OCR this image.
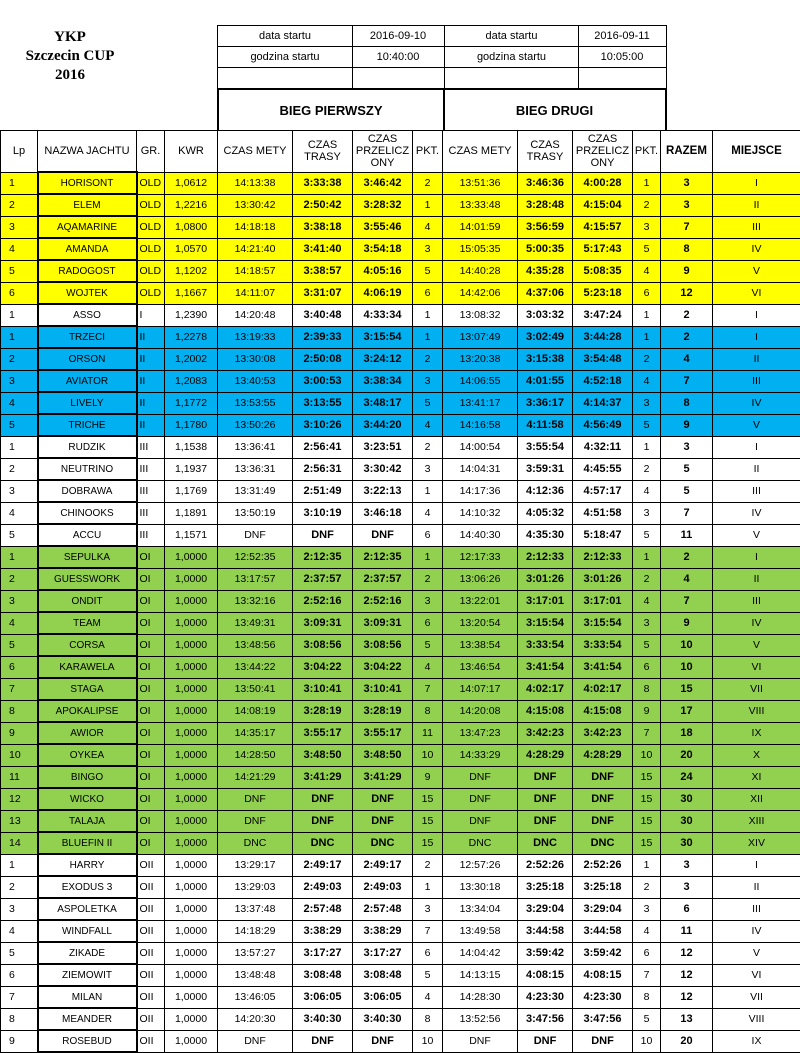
YKP
Szczecin CUP
2016
data startu	2016-09-10
godzina startu	10:40:00
BIEG PIERWSZY
data startu	2016-09-11
godzina startu	10:05:00
BIEG DRUGI
Lp	NAZWA JACHTU	GR.	KWR	CZAS METY	CZAS TRASY	CZAS PRZELICZ ONY	PKT.	CZAS METY	CZAS TRASY	CZAS PRZELICZ ONY	PKT.	RAZEM	MIEJSCE
1	HORISONT	OLD	1,0612	14:13:38	3:33:38	3:46:42	2	13:51:36	3:46:36	4:00:28	1	3	I
2	ELEM	OLD	1,2216	13:30:42	2:50:42	3:28:32	1	13:33:48	3:28:48	4:15:04	2	3	II
3	AQAMARINE	OLD	1,0800	14:18:18	3:38:18	3:55:46	4	14:01:59	3:56:59	4:15:57	3	7	III
4	AMANDA	OLD	1,0570	14:21:40	3:41:40	3:54:18	3	15:05:35	5:00:35	5:17:43	5	8	IV
5	RADOGOST	OLD	1,1202	14:18:57	3:38:57	4:05:16	5	14:40:28	4:35:28	5:08:35	4	9	V
6	WOJTEK	OLD	1,1667	14:11:07	3:31:07	4:06:19	6	14:42:06	4:37:06	5:23:18	6	12	VI
1	ASSO	I	1,2390	14:20:48	3:40:48	4:33:34	1	13:08:32	3:03:32	3:47:24	1	2	I
1	TRZECI	II	1,2278	13:19:33	2:39:33	3:15:54	1	13:07:49	3:02:49	3:44:28	1	2	I
2	ORSON	II	1,2002	13:30:08	2:50:08	3:24:12	2	13:20:38	3:15:38	3:54:48	2	4	II
3	AVIATOR	II	1,2083	13:40:53	3:00:53	3:38:34	3	14:06:55	4:01:55	4:52:18	4	7	III
4	LIVELY	II	1,1772	13:53:55	3:13:55	3:48:17	5	13:41:17	3:36:17	4:14:37	3	8	IV
5	TRICHE	II	1,1780	13:50:26	3:10:26	3:44:20	4	14:16:58	4:11:58	4:56:49	5	9	V
1	RUDZIK	III	1,1538	13:36:41	2:56:41	3:23:51	2	14:00:54	3:55:54	4:32:11	1	3	I
2	NEUTRINO	III	1,1937	13:36:31	2:56:31	3:30:42	3	14:04:31	3:59:31	4:45:55	2	5	II
3	DOBRAWA	III	1,1769	13:31:49	2:51:49	3:22:13	1	14:17:36	4:12:36	4:57:17	4	5	III
4	CHINOOKS	III	1,1891	13:50:19	3:10:19	3:46:18	4	14:10:32	4:05:32	4:51:58	3	7	IV
5	ACCU	III	1,1571	DNF	DNF	DNF	6	14:40:30	4:35:30	5:18:47	5	11	V
1	SEPULKA	OI	1,0000	12:52:35	2:12:35	2:12:35	1	12:17:33	2:12:33	2:12:33	1	2	I
2	GUESSWORK	OI	1,0000	13:17:57	2:37:57	2:37:57	2	13:06:26	3:01:26	3:01:26	2	4	II
3	ONDIT	OI	1,0000	13:32:16	2:52:16	2:52:16	3	13:22:01	3:17:01	3:17:01	4	7	III
4	TEAM	OI	1,0000	13:49:31	3:09:31	3:09:31	6	13:20:54	3:15:54	3:15:54	3	9	IV
5	CORSA	OI	1,0000	13:48:56	3:08:56	3:08:56	5	13:38:54	3:33:54	3:33:54	5	10	V
6	KARAWELA	OI	1,0000	13:44:22	3:04:22	3:04:22	4	13:46:54	3:41:54	3:41:54	6	10	VI
7	STAGA	OI	1,0000	13:50:41	3:10:41	3:10:41	7	14:07:17	4:02:17	4:02:17	8	15	VII
8	APOKALIPSE	OI	1,0000	14:08:19	3:28:19	3:28:19	8	14:20:08	4:15:08	4:15:08	9	17	VIII
9	AWIOR	OI	1,0000	14:35:17	3:55:17	3:55:17	11	13:47:23	3:42:23	3:42:23	7	18	IX
10	OYKEA	OI	1,0000	14:28:50	3:48:50	3:48:50	10	14:33:29	4:28:29	4:28:29	10	20	X
11	BINGO	OI	1,0000	14:21:29	3:41:29	3:41:29	9	DNF	DNF	DNF	15	24	XI
12	WICKO	OI	1,0000	DNF	DNF	DNF	15	DNF	DNF	DNF	15	30	XII
13	TALAJA	OI	1,0000	DNF	DNF	DNF	15	DNF	DNF	DNF	15	30	XIII
14	BLUEFIN II	OI	1,0000	DNC	DNC	DNC	15	DNC	DNC	DNC	15	30	XIV
1	HARRY	OII	1,0000	13:29:17	2:49:17	2:49:17	2	12:57:26	2:52:26	2:52:26	1	3	I
2	EXODUS 3	OII	1,0000	13:29:03	2:49:03	2:49:03	1	13:30:18	3:25:18	3:25:18	2	3	II
3	ASPOLETKA	OII	1,0000	13:37:48	2:57:48	2:57:48	3	13:34:04	3:29:04	3:29:04	3	6	III
4	WINDFALL	OII	1,0000	14:18:29	3:38:29	3:38:29	7	13:49:58	3:44:58	3:44:58	4	11	IV
5	ZIKADE	OII	1,0000	13:57:27	3:17:27	3:17:27	6	14:04:42	3:59:42	3:59:42	6	12	V
6	ZIEMOWIT	OII	1,0000	13:48:48	3:08:48	3:08:48	5	14:13:15	4:08:15	4:08:15	7	12	VI
7	MILAN	OII	1,0000	13:46:05	3:06:05	3:06:05	4	14:28:30	4:23:30	4:23:30	8	12	VII
8	MEANDER	OII	1,0000	14:20:30	3:40:30	3:40:30	8	13:52:56	3:47:56	3:47:56	5	13	VIII
9	ROSEBUD	OII	1,0000	DNF	DNF	DNF	10	DNF	DNF	DNF	10	20	IX
